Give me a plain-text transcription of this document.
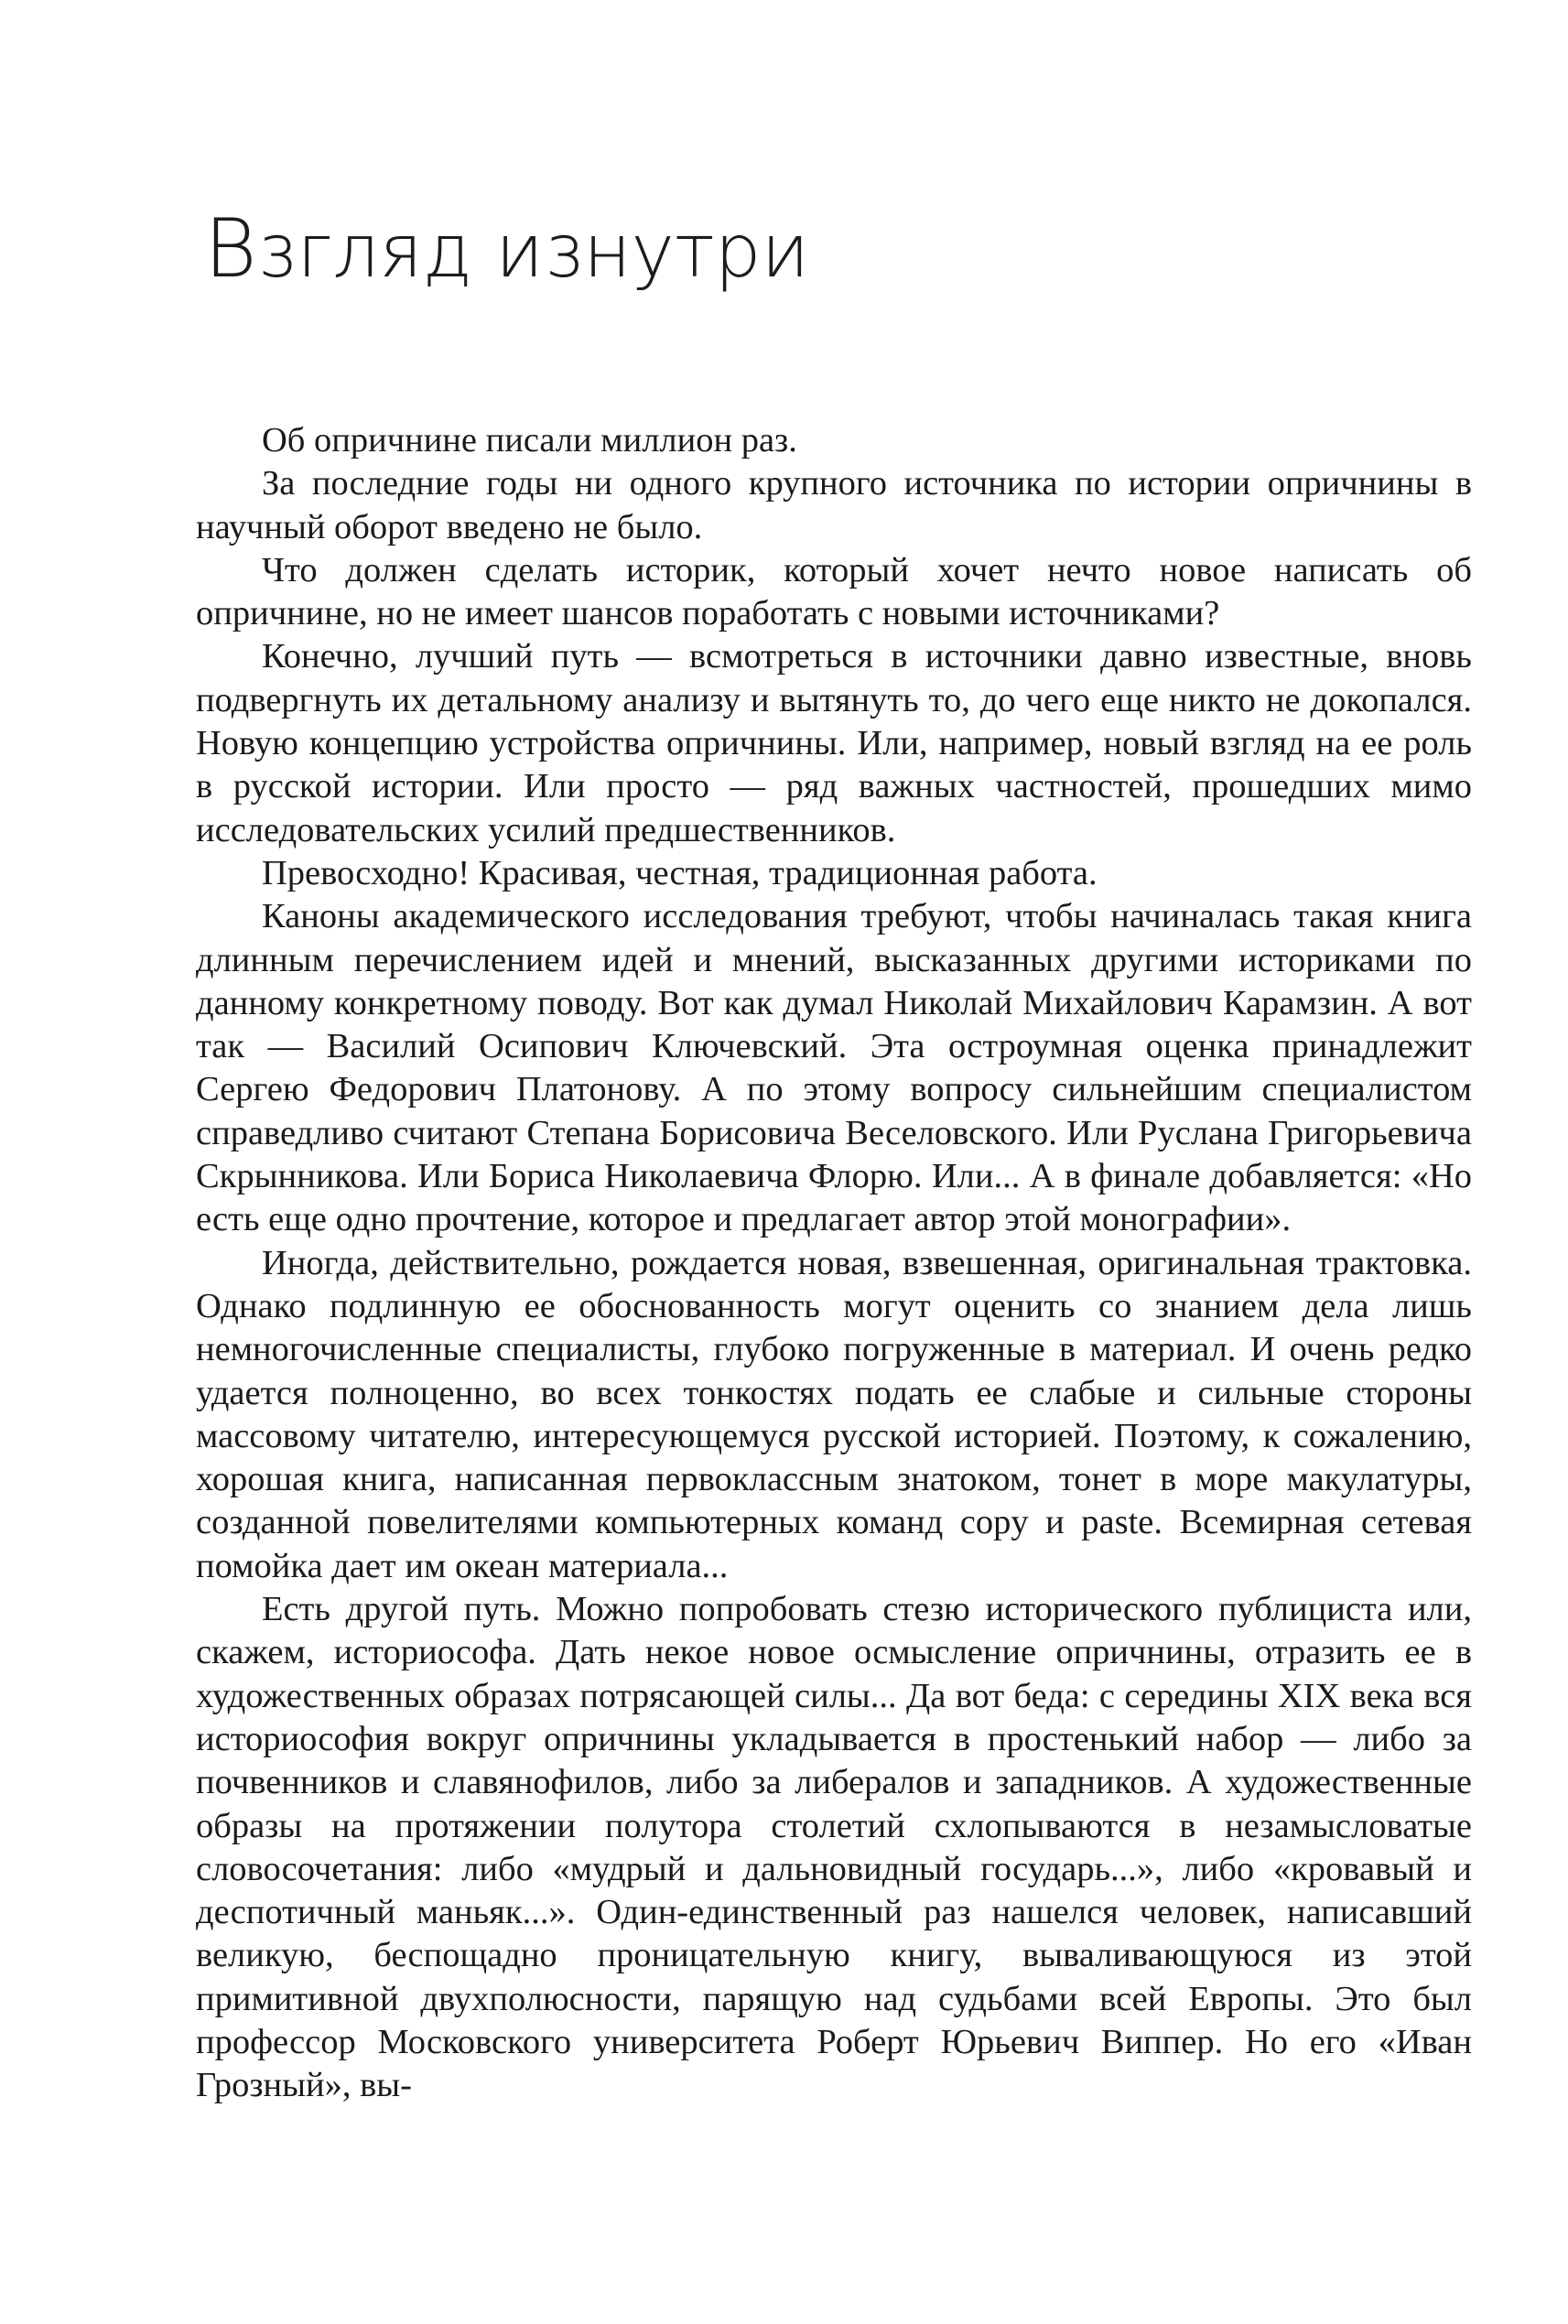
Взгляд изнутри

Об опричнине писали миллион раз.

За последние годы ни одного крупного источника по истории опричнины в научный оборот введено не было.

Что должен сделать историк, который хочет нечто новое написать об опричнине, но не имеет шансов поработать с новыми источниками?

Конечно, лучший путь — всмотреться в источники давно известные, вновь подвергнуть их детальному анализу и вытянуть то, до чего еще никто не докопался. Новую концепцию устройства опричнины. Или, например, новый взгляд на ее роль в русской истории. Или просто — ряд важных частностей, прошедших мимо исследовательских усилий предшественников.

Превосходно! Красивая, честная, традиционная работа.

Каноны академического исследования требуют, чтобы начиналась такая книга длинным перечислением идей и мнений, высказанных другими историками по данному конкретному поводу. Вот как думал Николай Михайлович Карамзин. А вот так — Василий Осипович Ключевский. Эта остроумная оценка принадлежит Сергею Федорович Платонову. А по этому вопросу сильнейшим специалистом справедливо считают Степана Борисовича Веселовского. Или Руслана Григорьевича Скрынникова. Или Бориса Николаевича Флорю. Или... А в финале добавляется: «Но есть еще одно прочтение, которое и предлагает автор этой монографии».

Иногда, действительно, рождается новая, взвешенная, оригинальная трактовка. Однако подлинную ее обоснованность могут оценить со знанием дела лишь немногочисленные специалисты, глубоко погруженные в материал. И очень редко удается полноценно, во всех тонкостях подать ее слабые и сильные стороны массовому читателю, интересующемуся русской историей. Поэтому, к сожалению, хорошая книга, написанная первоклассным знатоком, тонет в море макулатуры, созданной повелителями компьютерных команд copy и paste. Всемирная сетевая помойка дает им океан материала...

Есть другой путь. Можно попробовать стезю исторического публициста или, скажем, историософа. Дать некое новое осмысление опричнины, отразить ее в художественных образах потрясающей силы... Да вот беда: с середины XIX века вся историософия вокруг опричнины укладывается в простенький набор — либо за почвенников и славянофилов, либо за либералов и западников. А художественные образы на протяжении полутора столетий схлопываются в незамысловатые словосочетания: либо «мудрый и дальновидный государь...», либо «кровавый и деспотичный маньяк...». Один-единственный раз нашелся человек, написавший великую, беспощадно проницательную книгу, вываливающуюся из этой примитивной двухполюсности, парящую над судьбами всей Европы. Это был профессор Московского университета Роберт Юрьевич Виппер. Но его «Иван Грозный», вы-
